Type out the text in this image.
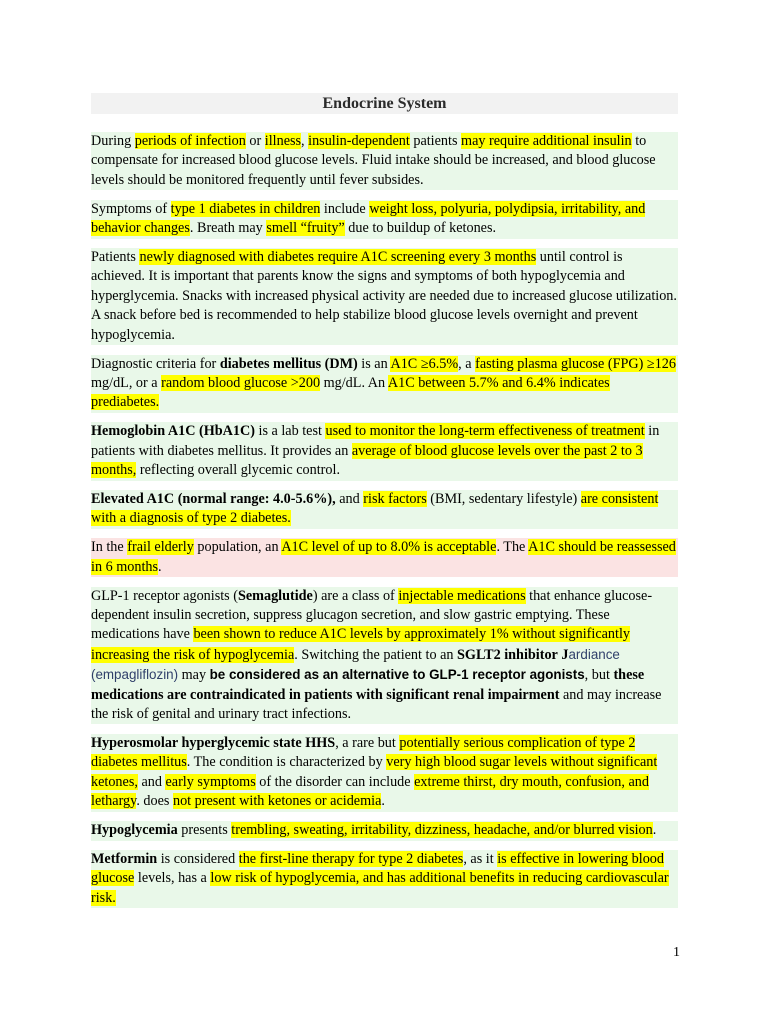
Endocrine System

During periods of infection or illness, insulin-dependent patients may require additional insulin to compensate for increased blood glucose levels. Fluid intake should be increased, and blood glucose levels should be monitored frequently until fever subsides.

Symptoms of type 1 diabetes in children include weight loss, polyuria, polydipsia, irritability, and behavior changes. Breath may smell “fruity” due to buildup of ketones.

Patients newly diagnosed with diabetes require A1C screening every 3 months until control is achieved. It is important that parents know the signs and symptoms of both hypoglycemia and hyperglycemia. Snacks with increased physical activity are needed due to increased glucose utilization. A snack before bed is recommended to help stabilize blood glucose levels overnight and prevent hypoglycemia.

Diagnostic criteria for diabetes mellitus (DM) is an A1C ≥6.5%, a fasting plasma glucose (FPG) ≥126 mg/dL, or a random blood glucose >200 mg/dL. An A1C between 5.7% and 6.4% indicates prediabetes.

Hemoglobin A1C (HbA1C) is a lab test used to monitor the long-term effectiveness of treatment in patients with diabetes mellitus. It provides an average of blood glucose levels over the past 2 to 3 months, reflecting overall glycemic control.

Elevated A1C (normal range: 4.0-5.6%), and risk factors (BMI, sedentary lifestyle) are consistent with a diagnosis of type 2 diabetes.

In the frail elderly population, an A1C level of up to 8.0% is acceptable. The A1C should be reassessed in 6 months.

GLP-1 receptor agonists (Semaglutide) are a class of injectable medications that enhance glucose-dependent insulin secretion, suppress glucagon secretion, and slow gastric emptying. These medications have been shown to reduce A1C levels by approximately 1% without significantly increasing the risk of hypoglycemia. Switching the patient to an SGLT2 inhibitor Jardiance (empagliflozin) may be considered as an alternative to GLP-1 receptor agonists, but these medications are contraindicated in patients with significant renal impairment and may increase the risk of genital and urinary tract infections.

Hyperosmolar hyperglycemic state HHS, a rare but potentially serious complication of type 2 diabetes mellitus. The condition is characterized by very high blood sugar levels without significant ketones, and early symptoms of the disorder can include extreme thirst, dry mouth, confusion, and lethargy. does not present with ketones or acidemia.

Hypoglycemia presents trembling, sweating, irritability, dizziness, headache, and/or blurred vision.

Metformin is considered the first-line therapy for type 2 diabetes, as it is effective in lowering blood glucose levels, has a low risk of hypoglycemia, and has additional benefits in reducing cardiovascular risk.

1
